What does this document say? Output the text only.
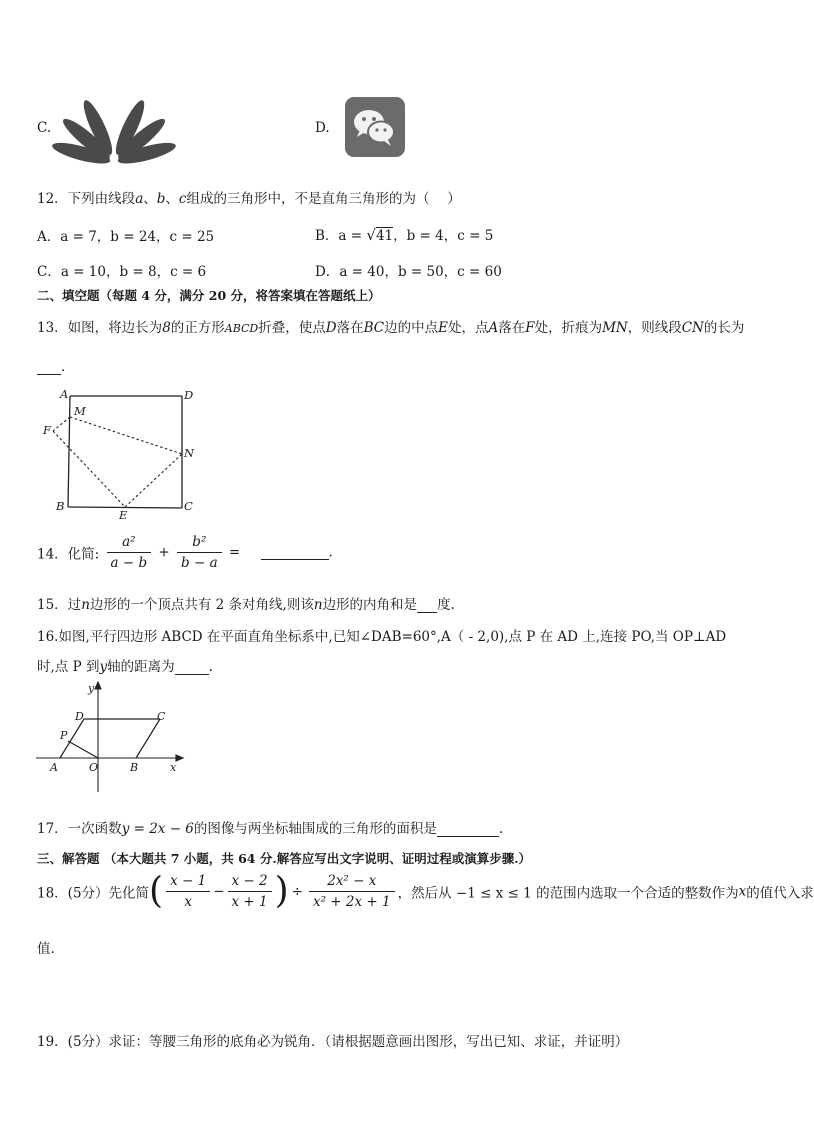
C.	D.
12．下列由线段a、b、c组成的三角形中，不是直角三角形的为（　 ）
A．a = 7，b = 24，c = 25	B．a = √41，b = 4，c = 5
C．a = 10，b = 8，c = 6	D．a = 40，b = 50，c = 60
二、填空题（每题 4 分，满分 20 分，将答案填在答题纸上）
13．如图，将边长为8的正方形ABCD折叠，使点D落在BC边的中点E处，点A落在F处，折痕为MN，则线段CN的长为
．
A	D
M
F
N
B
E
C
14．化简: $\frac{\text{a²}}{a - b} + \frac{\text{b²}}{b - a}$ =	.
15．过n边形的一个顶点共有 2 条对角线,则该n边形的内角和是 度.
16.如图,平行四边形 ABCD 在平面直角坐标系中,已知∠DAB=60°,A（ - 2,0),点 P 在 AD 上,连接 PO,当 OP⊥AD
时,点 P 到y轴的距离为	.
y
x
D	C
P
A	O	B
17．一次函数y = 2x − 6的图像与两坐标轴围成的三角形的面积是	.
三、解答题 （本大题共 7 小题，共 64 分.解答应写出文字说明、证明过程或演算步骤.）
18．(5分）先化简( $\frac{x - 1}{x} - \frac{x - 2}{x + 1}$ ) ÷ $\frac{\text{2x² − x}}{\text{x² + 2x + 1}}$ ，然后从 −1 ≤ x ≤ 1 的范围内选取一个合适的整数作为x的值代入求
值.
19．(5分）求证：等腰三角形的底角必为锐角．（请根据题意画出图形，写出已知、求证，并证明）
